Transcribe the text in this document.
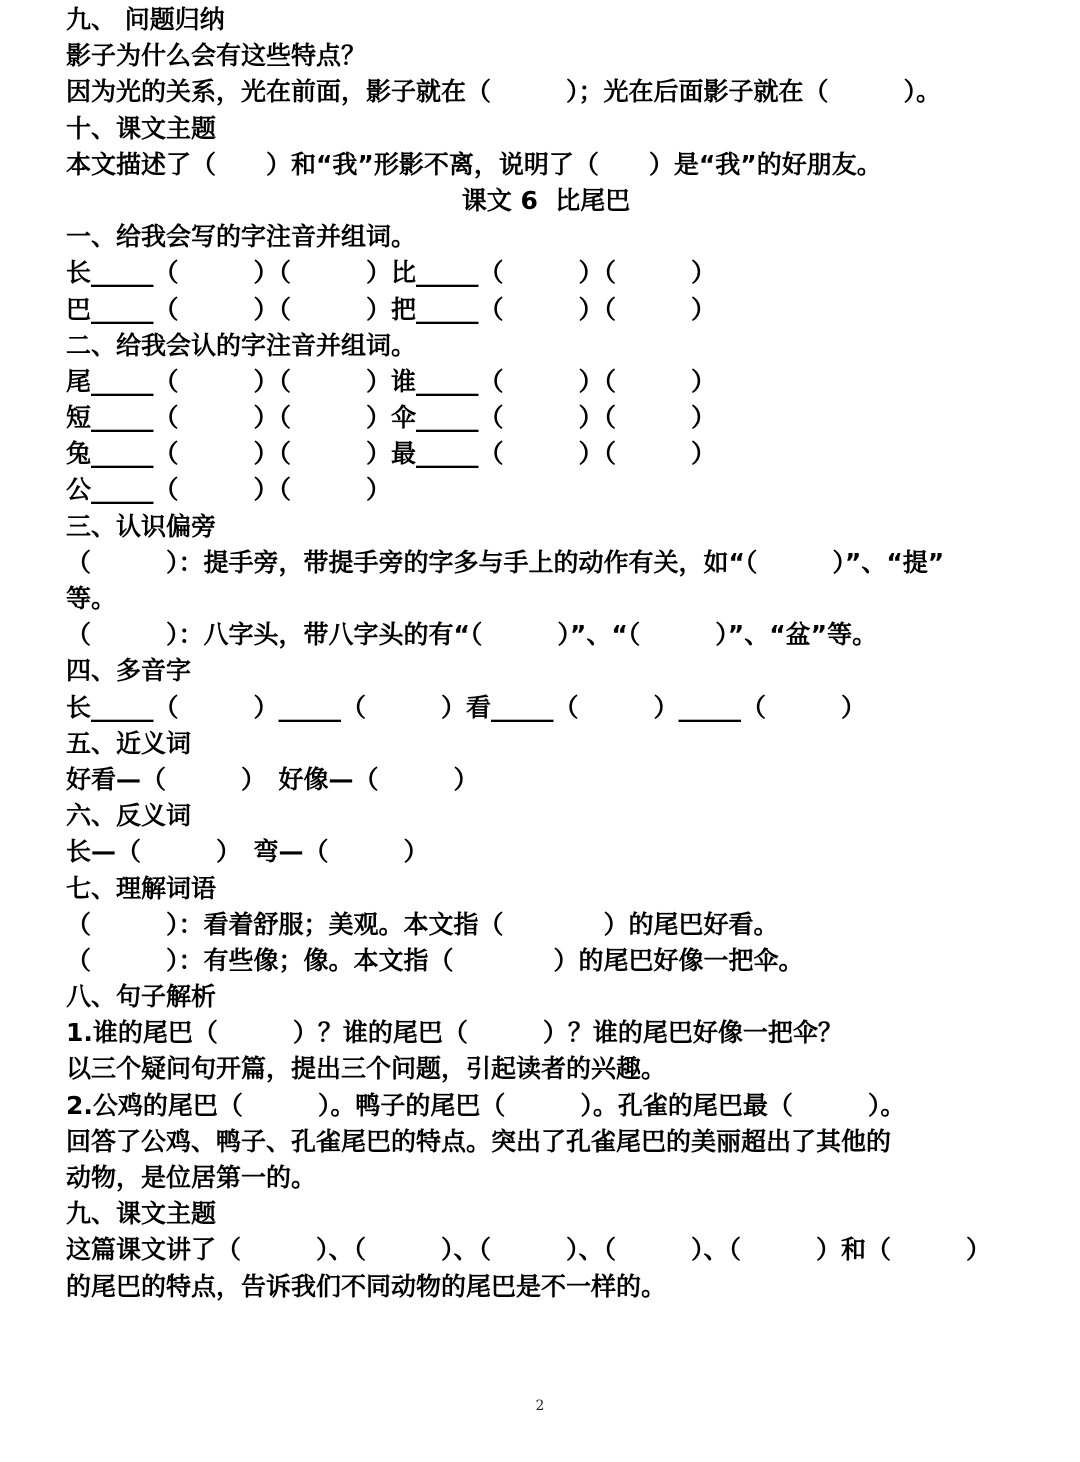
九、 问题归纳
影子为什么会有这些特点？
因为光的关系，光在前面，影子就在（　　　）；光在后面影子就在（　　　）。
十、课文主题
本文描述了（　　）和“我”形影不离，说明了（　　）是“我”的好朋友。
课文 6  比尾巴
一、给我会写的字注音并组词。
长_____（　　　）（　　　）比_____（　　　）（　　　）
巴_____（　　　）（　　　）把_____（　　　）（　　　）
二、给我会认的字注音并组词。
尾_____（　　　）（　　　）谁_____（　　　）（　　　）
短_____（　　　）（　　　）伞_____（　　　）（　　　）
兔_____（　　　）（　　　）最_____（　　　）（　　　）
公_____（　　　）（　　　）
三、认识偏旁
（　　　）：提手旁，带提手旁的字多与手上的动作有关，如“（　　　）”、“提”
等。
（　　　）：八字头，带八字头的有“（　　　）”、“（　　　）”、“盆”等。
四、多音字
长_____（　　　）_____（　　　）看_____（　　　）_____（　　　）
五、近义词
好看—（　　　）　好像—（　　　）
六、反义词
长—（　　　）　弯—（　　　）
七、理解词语
（　　　）：看着舒服；美观。本文指（　　　　）的尾巴好看。
（　　　）：有些像；像。本文指（　　　　）的尾巴好像一把伞。
八、句子解析
1.谁的尾巴（　　　）？谁的尾巴（　　　）？谁的尾巴好像一把伞？
以三个疑问句开篇，提出三个问题，引起读者的兴趣。
2.公鸡的尾巴（　　　）。鸭子的尾巴（　　　）。孔雀的尾巴最（　　　）。
回答了公鸡、鸭子、孔雀尾巴的特点。突出了孔雀尾巴的美丽超出了其他的
动物，是位居第一的。
九、课文主题
这篇课文讲了（　　　）、（　　　）、（　　　）、（　　　）、（　　　）和（　　　）
的尾巴的特点，告诉我们不同动物的尾巴是不一样的。
2
